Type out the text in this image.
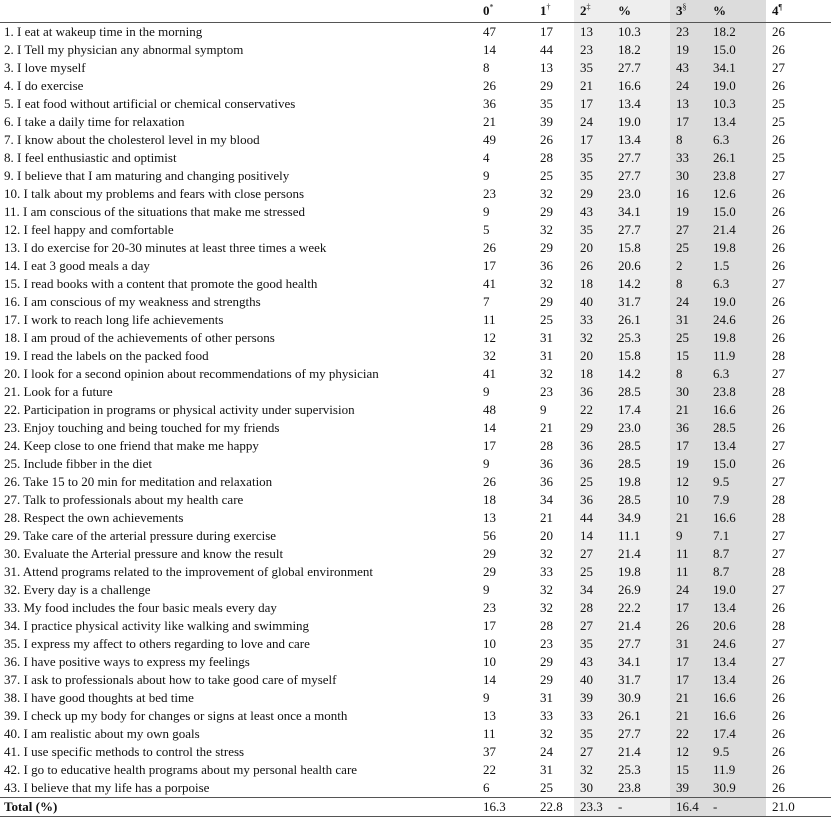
	0*	1†	2‡	%	3§	%	4¶
1. I eat at wakeup time in the morning	47	17	13	10.3	23	18.2	26
2. I Tell my physician any abnormal symptom	14	44	23	18.2	19	15.0	26
3. I love myself	8	13	35	27.7	43	34.1	27
4. I do exercise	26	29	21	16.6	24	19.0	26
5. I eat food without artificial or chemical conservatives	36	35	17	13.4	13	10.3	25
6. I take a daily time for relaxation	21	39	24	19.0	17	13.4	25
7. I know about the cholesterol level in my blood	49	26	17	13.4	8	6.3	26
8. I feel enthusiastic and optimist	4	28	35	27.7	33	26.1	25
9. I believe that I am maturing and changing positively	9	25	35	27.7	30	23.8	27
10. I talk about my problems and fears with close persons	23	32	29	23.0	16	12.6	26
11. I am conscious of the situations that make me stressed	9	29	43	34.1	19	15.0	26
12. I feel happy and comfortable	5	32	35	27.7	27	21.4	26
13. I do exercise for 20-30 minutes at least three times a week	26	29	20	15.8	25	19.8	26
14. I eat 3 good meals a day	17	36	26	20.6	2	1.5	26
15. I read books with a content that promote the good health	41	32	18	14.2	8	6.3	27
16. I am conscious of my weakness and strengths	7	29	40	31.7	24	19.0	26
17. I work to reach long life achievements	11	25	33	26.1	31	24.6	26
18. I am proud of the achievements of other persons	12	31	32	25.3	25	19.8	26
19. I read the labels on the packed food	32	31	20	15.8	15	11.9	28

20. I look for a second opinion about recommendations of my physician	41	32	18	14.2	8	6.3	27
21. Look for a future	9	23	36	28.5	30	23.8	28
22. Participation in programs or physical activity under supervision	48	9	22	17.4	21	16.6	26
23. Enjoy touching and being touched for my friends	14	21	29	23.0	36	28.5	26
24. Keep close to one friend that make me happy	17	28	36	28.5	17	13.4	27
25. Include fibber in the diet	9	36	36	28.5	19	15.0	26
26. Take 15 to 20 min for meditation and relaxation	26	36	25	19.8	12	9.5	27
27. Talk to professionals about my health care	18	34	36	28.5	10	7.9	28
28. Respect the own achievements	13	21	44	34.9	21	16.6	28
29. Take care of the arterial pressure during exercise	56	20	14	11.1	9	7.1	27
30. Evaluate the Arterial pressure and know the result	29	32	27	21.4	11	8.7	27
31. Attend programs related to the improvement of global environment	29	33	25	19.8	11	8.7	28
32. Every day is a challenge	9	32	34	26.9	24	19.0	27
33. My food includes the four basic meals every day	23	32	28	22.2	17	13.4	26
34. I practice physical activity like walking and swimming	17	28	27	21.4	26	20.6	28
35. I express my affect to others regarding to love and care	10	23	35	27.7	31	24.6	27
36. I have positive ways to express my feelings	10	29	43	34.1	17	13.4	27
37. I ask to professionals about how to take good care of myself	14	29	40	31.7	17	13.4	26
38. I have good thoughts at bed time	9	31	39	30.9	21	16.6	26
39. I check up my body for changes or signs at least once a month	13	33	33	26.1	21	16.6	26
40. I am realistic about my own goals	11	32	35	27.7	22	17.4	26
41. I use specific methods to control the stress	37	24	27	21.4	12	9.5	26
42. I go to educative health programs about my personal health care	22	31	32	25.3	15	11.9	26
43. I believe that my life has a porpoise	6	25	30	23.8	39	30.9	26
Total (%)	16.3	22.8	23.3	-	16.4	-	21.0
